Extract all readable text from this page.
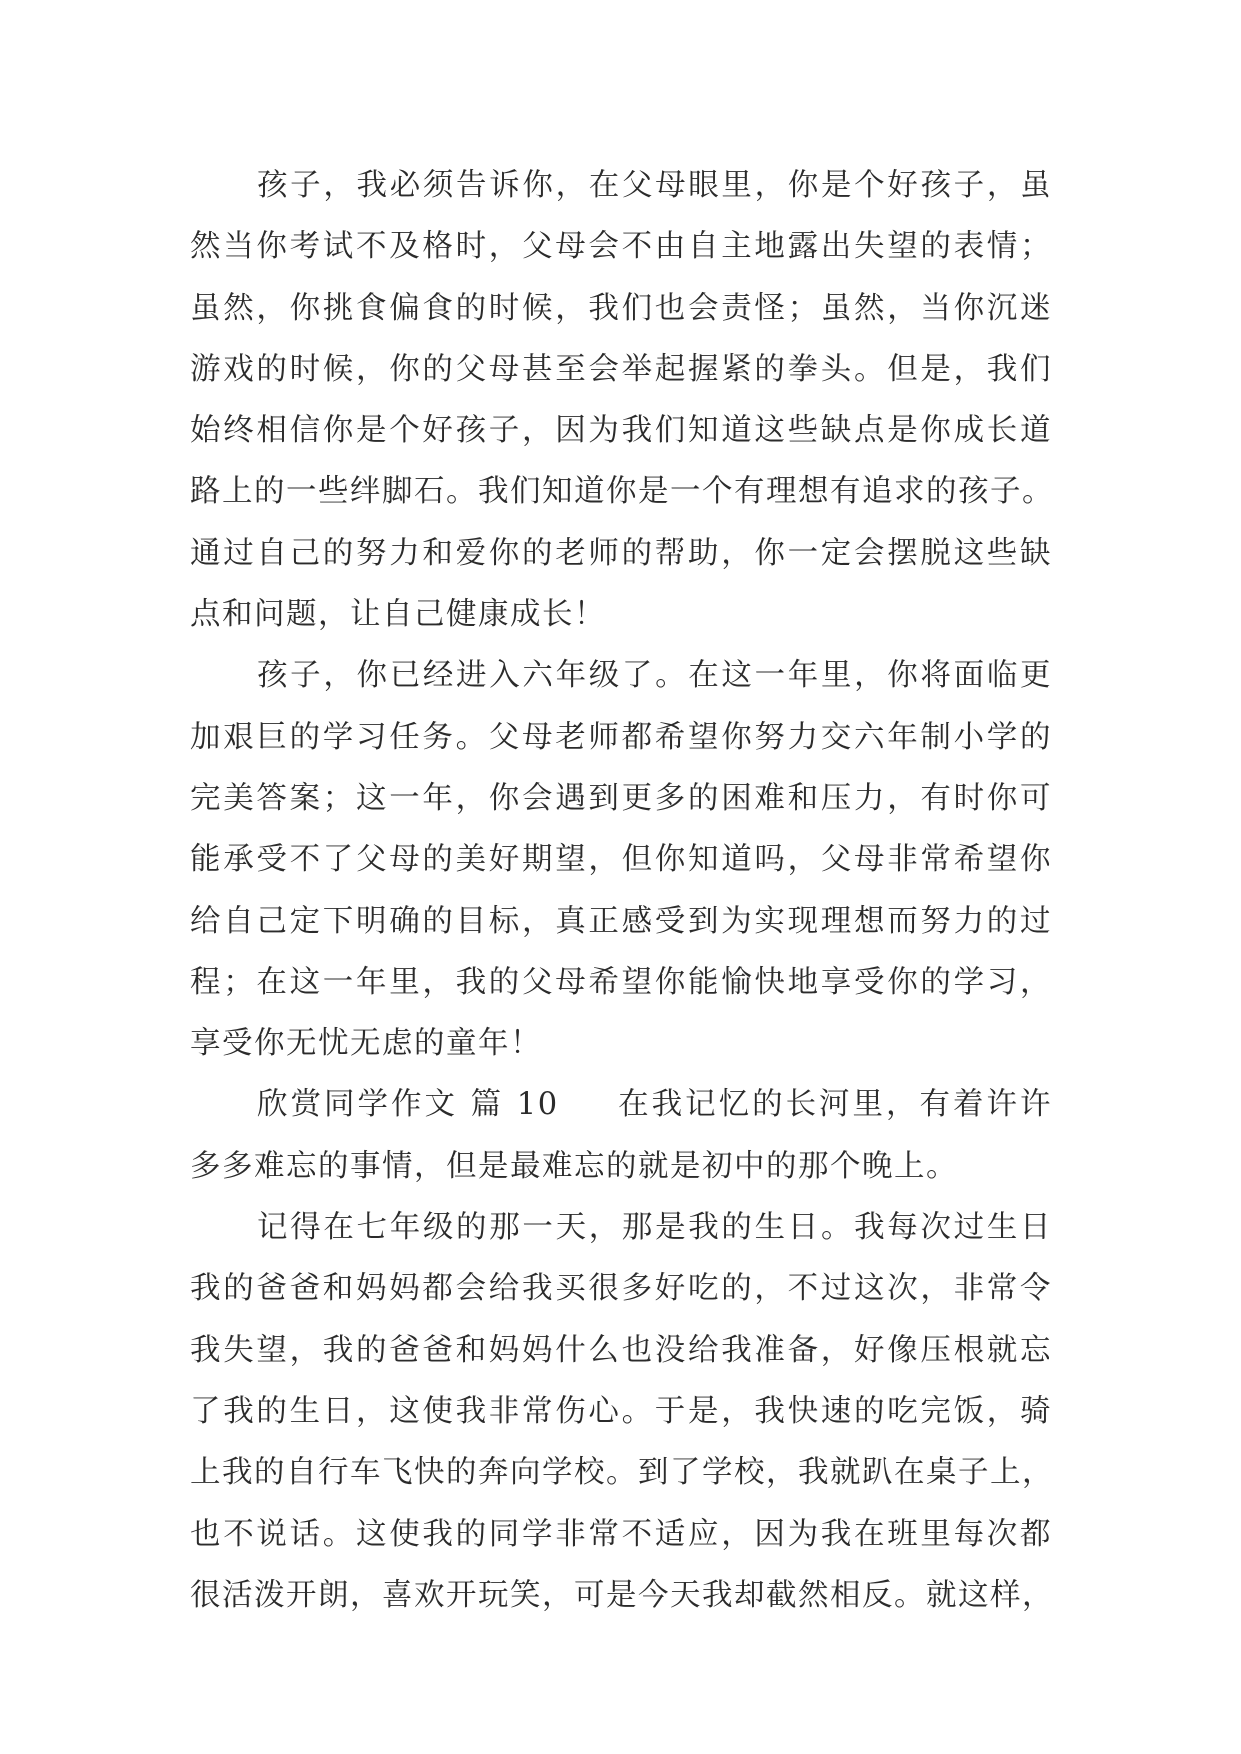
孩子，我必须告诉你，在父母眼里，你是个好孩子，虽
然当你考试不及格时，父母会不由自主地露出失望的表情；
虽然，你挑食偏食的时候，我们也会责怪；虽然，当你沉迷
游戏的时候，你的父母甚至会举起握紧的拳头。但是，我们
始终相信你是个好孩子，因为我们知道这些缺点是你成长道
路上的一些绊脚石。我们知道你是一个有理想有追求的孩子。
通过自己的努力和爱你的老师的帮助，你一定会摆脱这些缺
点和问题，让自己健康成长！
孩子，你已经进入六年级了。在这一年里，你将面临更
加艰巨的学习任务。父母老师都希望你努力交六年制小学的
完美答案；这一年，你会遇到更多的困难和压力，有时你可
能承受不了父母的美好期望，但你知道吗，父母非常希望你
给自己定下明确的目标，真正感受到为实现理想而努力的过
程；在这一年里，我的父母希望你能愉快地享受你的学习，
享受你无忧无虑的童年！
欣赏同学作文 篇 10 在我记忆的长河里，有着许许
多多难忘的事情，但是最难忘的就是初中的那个晚上。
记得在七年级的那一天，那是我的生日。我每次过生日
我的爸爸和妈妈都会给我买很多好吃的，不过这次，非常令
我失望，我的爸爸和妈妈什么也没给我准备，好像压根就忘
了我的生日，这使我非常伤心。于是，我快速的吃完饭，骑
上我的自行车飞快的奔向学校。到了学校，我就趴在桌子上，
也不说话。这使我的同学非常不适应，因为我在班里每次都
很活泼开朗，喜欢开玩笑，可是今天我却截然相反。就这样，
